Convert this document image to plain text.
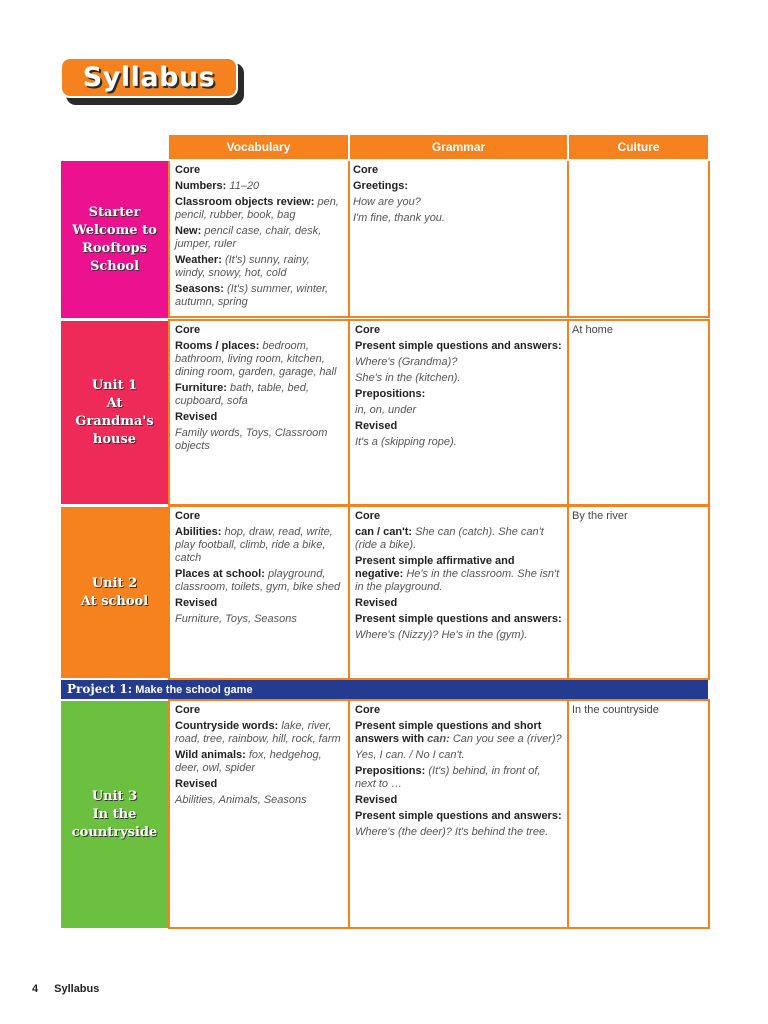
Syllabus
Vocabulary	Grammar	Culture
Starter
Welcome to
Rooftops
School

Core

Numbers: 11–20

Classroom objects review: pen, pencil, rubber, book, bag

New: pencil case, chair, desk, jumper, ruler

Weather: (It's) sunny, rainy, windy, snowy, hot, cold

Seasons: (It's) summer, winter, autumn, spring

Core

Greetings:

How are you?

I'm fine, thank you.

Unit 1
At
Grandma's
house

Core

Rooms / places: bedroom, bathroom, living room, kitchen, dining room, garden, garage, hall

Furniture: bath, table, bed, cupboard, sofa

Revised

Family words, Toys, Classroom objects

Core

Present simple questions and answers:

Where's (Grandma)?

She's in the (kitchen).

Prepositions:

in, on, under

Revised

It's a (skipping rope).

At home

Unit 2
At school

Core

Abilities: hop, draw, read, write, play football, climb, ride a bike, catch

Places at school: playground, classroom, toilets, gym, bike shed

Revised

Furniture, Toys, Seasons

Core

can / can't: She can (catch). She can't (ride a bike).

Present simple affirmative and negative: He's in the classroom. She isn't in the playground.

Revised

Present simple questions and answers:

Where's (Nizzy)? He's in the (gym).

By the river

Project 1: Make the school game
Unit 3
In the
countryside

Core

Countryside words: lake, river, road, tree, rainbow, hill, rock, farm

Wild animals: fox, hedgehog, deer, owl, spider

Revised

Abilities, Animals, Seasons

Core

Present simple questions and short answers with can: Can you see a (river)?

Yes, I can. / No I can't.

Prepositions: (It's) behind, in front of, next to …

Revised

Present simple questions and answers:

Where's (the deer)? It's behind the tree.

In the countryside

4 Syllabus
